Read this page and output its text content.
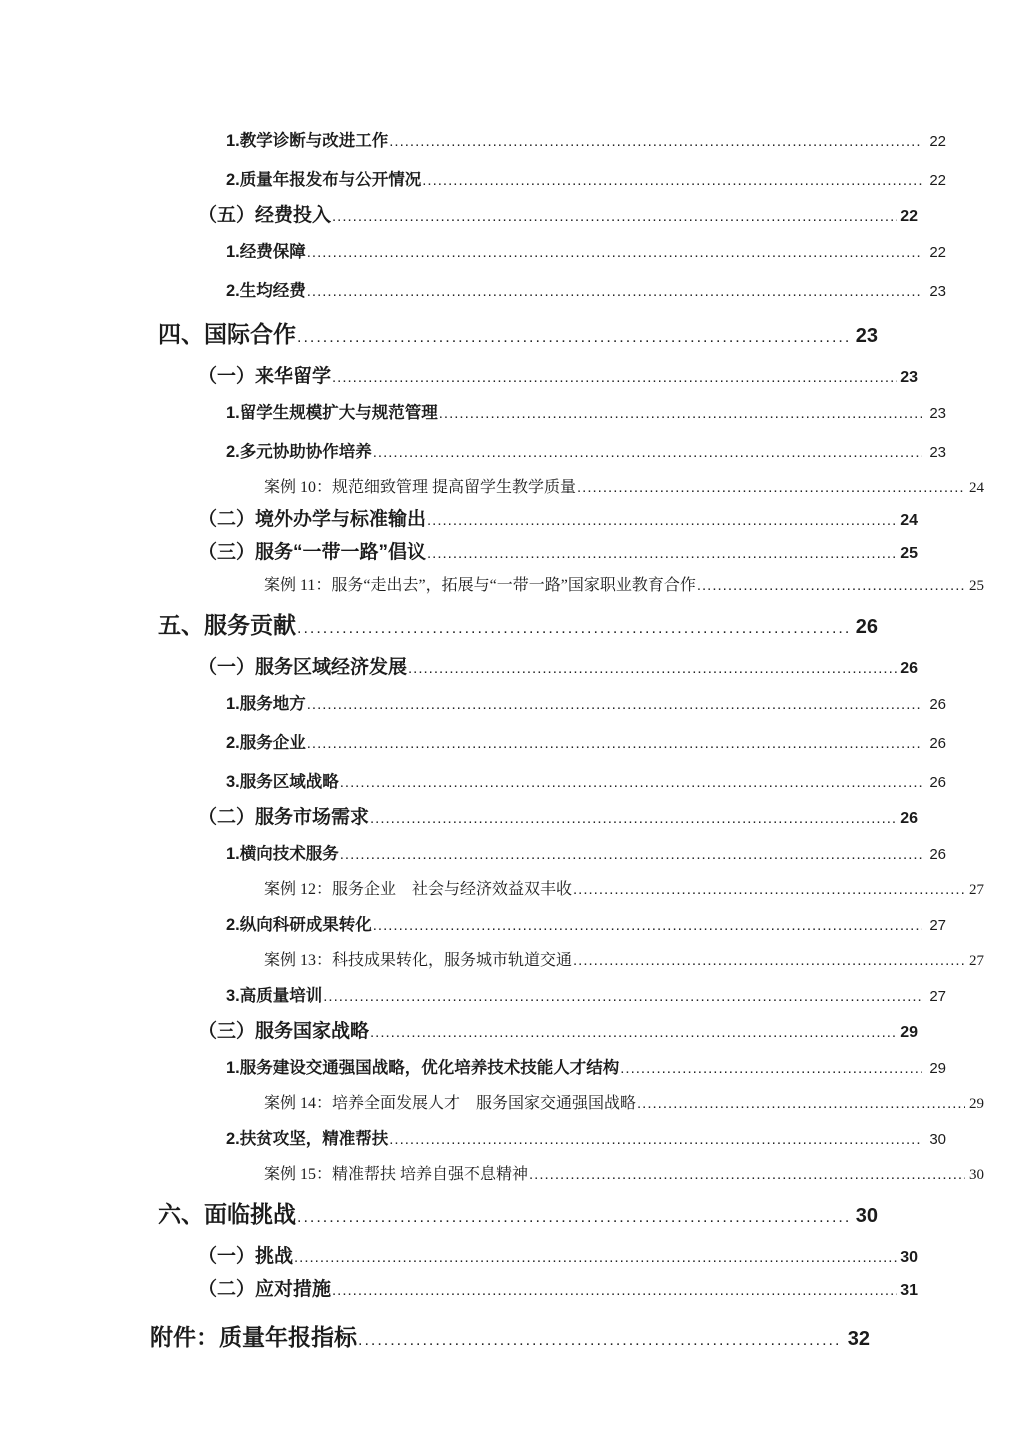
1.教学诊断与改进工作 .....	22
2.质量年报发布与公开情况 .....	22
（五）经费投入 .....	22
1.经费保障 .....	22
2.生均经费 .....	23
四、国际合作 .....	23
（一）来华留学 .....	23
1.留学生规模扩大与规范管理 .....	23
2.多元协助协作培养 .....	23
案例 10：规范细致管理 提高留学生教学质量 .....	24
（二）境外办学与标准输出 .....	24
（三）服务“一带一路”倡议 .....	25
案例 11：服务“走出去”，拓展与“一带一路”国家职业教育合作 .....	25
五、服务贡献 .....	26
（一）服务区域经济发展 .....	26
1.服务地方 .....	26
2.服务企业 .....	26
3.服务区域战略 .....	26
（二）服务市场需求 .....	26
1.横向技术服务 .....	26
案例 12：服务企业　社会与经济效益双丰收 .....	27
2.纵向科研成果转化 .....	27
案例 13：科技成果转化，服务城市轨道交通 .....	27
3.高质量培训 .....	27
（三）服务国家战略 .....	29
1.服务建设交通强国战略，优化培养技术技能人才结构 .....	29
案例 14：培养全面发展人才　服务国家交通强国战略 .....	29
2.扶贫攻坚，精准帮扶 .....	30
案例 15：精准帮扶 培养自强不息精神 .....	30
六、面临挑战 .....	30
（一）挑战 .....	30
（二）应对措施 .....	31
附件：质量年报指标 .....	32
